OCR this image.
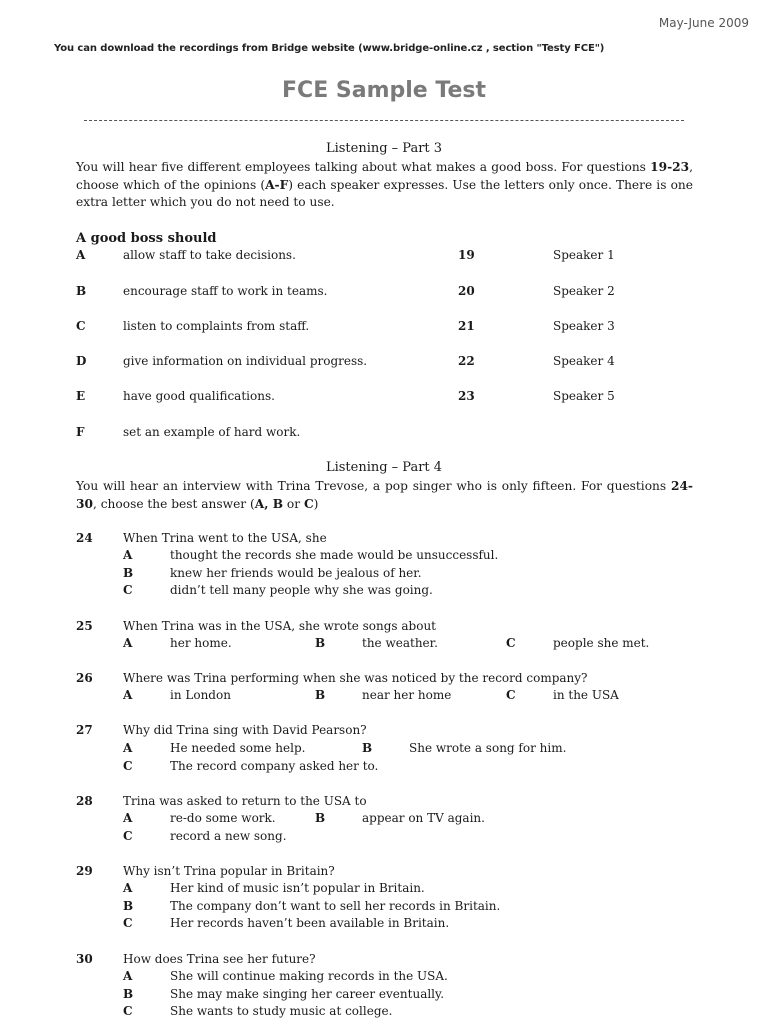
May-June 2009
You can download the recordings from Bridge website (www.bridge-online.cz , section "Testy FCE")
FCE Sample Test
Listening – Part 3
You will hear five different employees talking about what makes a good boss. For questions 19-23, choose which of the opinions (A-F) each speaker expresses. Use the letters only once. There is one extra letter which you do not need to use.
A good boss should
A	allow staff to take decisions.	19	Speaker 1
B	encourage staff to work in teams.	20	Speaker 2
C	listen to complaints from staff.	21	Speaker 3
D	give information on individual progress.	22	Speaker 4
E	have good qualifications.	23	Speaker 5
F	set an example of hard work.
Listening – Part 4
You will hear an interview with Trina Trevose, a pop singer who is only fifteen. For questions 24-30, choose the best answer (A, B or C)
24	When Trina went to the USA, she
A	thought the records she made would be unsuccessful.
B	knew her friends would be jealous of her.
C	didn’t tell many people why she was going.
25	When Trina was in the USA, she wrote songs about
A	her home.	B	the weather.	C	people she met.
26	Where was Trina performing when she was noticed by the record company?
A	in London	B	near her home	C	in the USA
27	Why did Trina sing with David Pearson?
A	He needed some help.	B	She wrote a song for him.
C	The record company asked her to.
28	Trina was asked to return to the USA to
A	re-do some work.	B	appear on TV again.
C	record a new song.
29	Why isn’t Trina popular in Britain?
A	Her kind of music isn’t popular in Britain.
B	The company don’t want to sell her records in Britain.
C	Her records haven’t been available in Britain.
30	How does Trina see her future?
A	She will continue making records in the USA.
B	She may make singing her career eventually.
C	She wants to study music at college.
